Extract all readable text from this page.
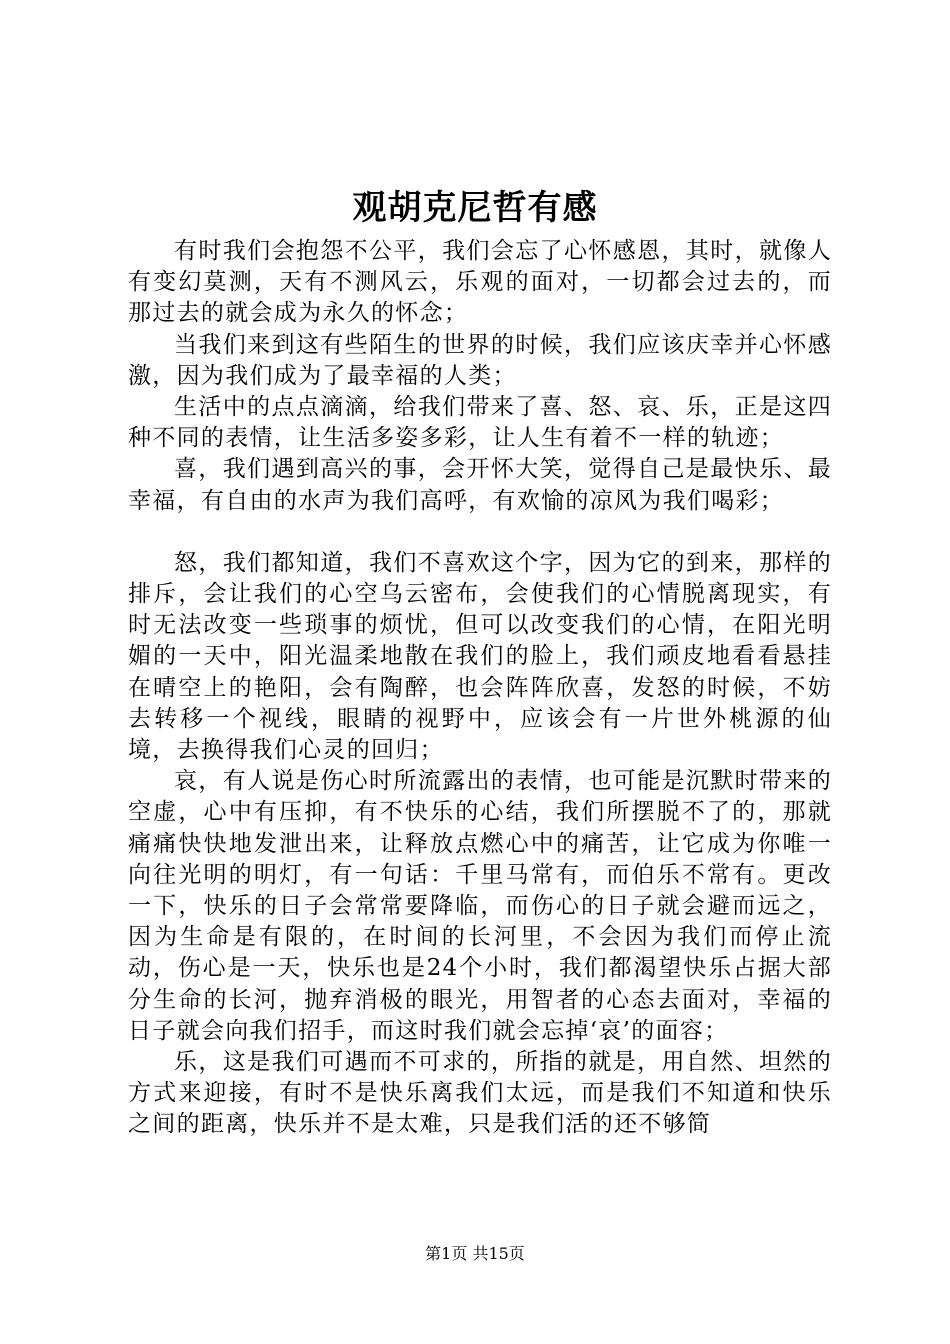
观胡克尼哲有感

有时我们会抱怨不公平，我们会忘了心怀感恩，其时，就像人有变幻莫测，天有不测风云，乐观的面对，一切都会过去的，而那过去的就会成为永久的怀念；

当我们来到这有些陌生的世界的时候，我们应该庆幸并心怀感激，因为我们成为了最幸福的人类；

生活中的点点滴滴，给我们带来了喜、怒、哀、乐，正是这四种不同的表情，让生活多姿多彩，让人生有着不一样的轨迹；

喜，我们遇到高兴的事，会开怀大笑，觉得自己是最快乐、最幸福，有自由的水声为我们高呼，有欢愉的凉风为我们喝彩；

怒，我们都知道，我们不喜欢这个字，因为它的到来，那样的排斥，会让我们的心空乌云密布，会使我们的心情脱离现实，有时无法改变一些琐事的烦忧，但可以改变我们的心情，在阳光明媚的一天中，阳光温柔地散在我们的脸上，我们顽皮地看看悬挂在晴空上的艳阳，会有陶醉，也会阵阵欣喜，发怒的时候，不妨去转移一个视线，眼睛的视野中，应该会有一片世外桃源的仙境，去换得我们心灵的回归；

哀，有人说是伤心时所流露出的表情，也可能是沉默时带来的空虚，心中有压抑，有不快乐的心结，我们所摆脱不了的，那就痛痛快快地发泄出来，让释放点燃心中的痛苦，让它成为你唯一向往光明的明灯，有一句话：千里马常有，而伯乐不常有。更改一下，快乐的日子会常常要降临，而伤心的日子就会避而远之，因为生命是有限的，在时间的长河里，不会因为我们而停止流动，伤心是一天，快乐也是24个小时，我们都渴望快乐占据大部分生命的长河，抛弃消极的眼光，用智者的心态去面对，幸福的日子就会向我们招手，而这时我们就会忘掉‘哀’的面容；

乐，这是我们可遇而不可求的，所指的就是，用自然、坦然的方式来迎接，有时不是快乐离我们太远，而是我们不知道和快乐之间的距离，快乐并不是太难，只是我们活的还不够简

第1页 共15页
